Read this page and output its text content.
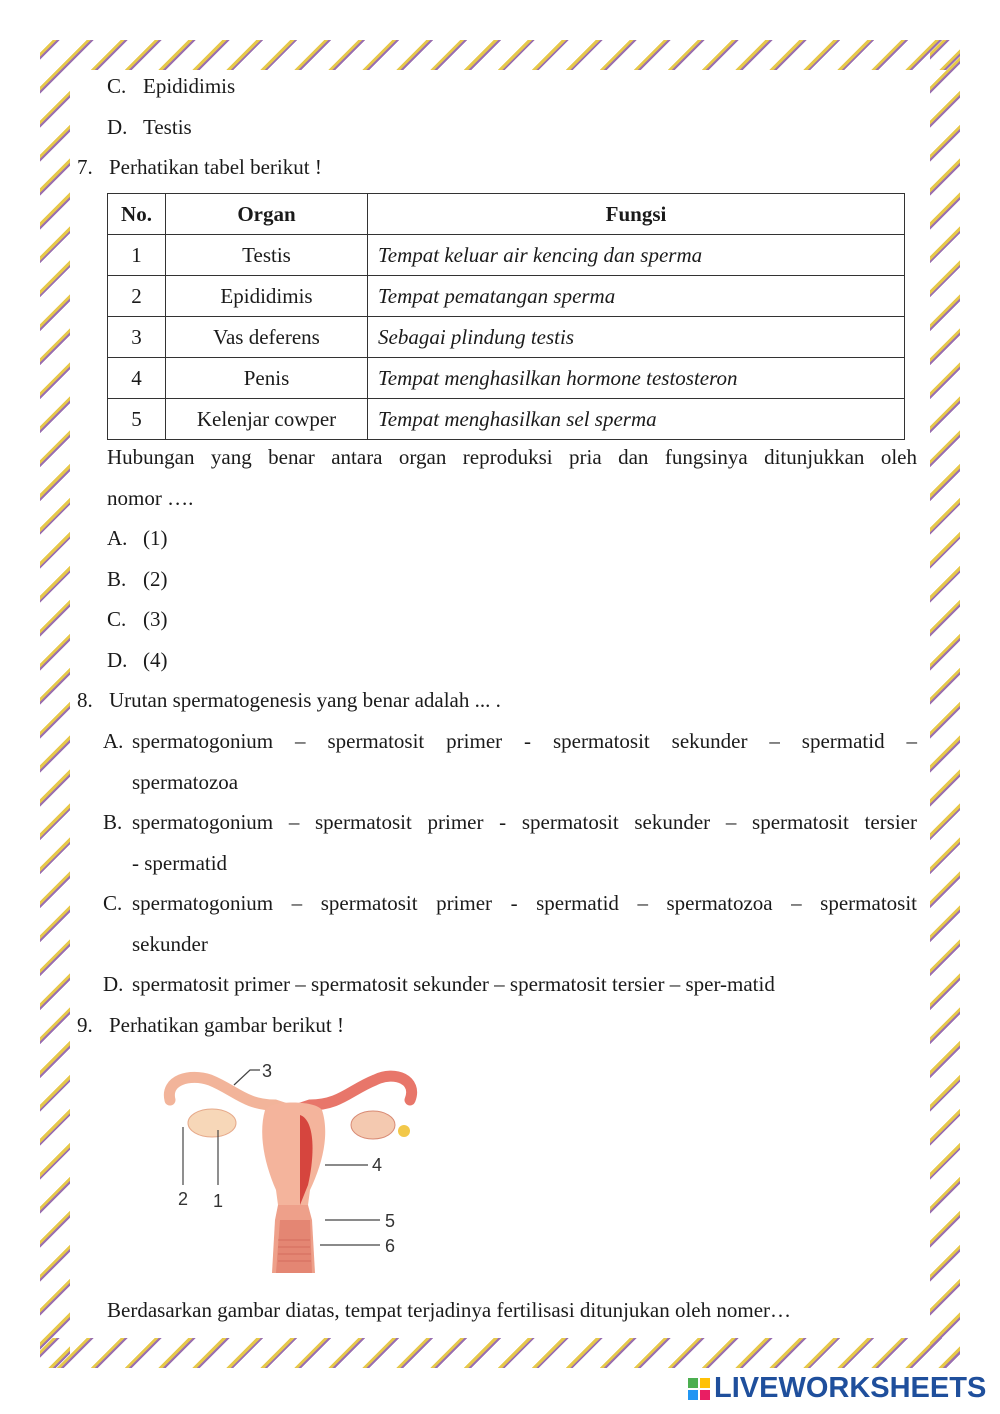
C. Epididimis
D. Testis
7. Perhatikan tabel berikut !
No.	Organ	Fungsi
1	Testis	Tempat keluar air kencing dan sperma
2	Epididimis	Tempat pematangan sperma
3	Vas deferens	Sebagai plindung testis
4	Penis	Tempat menghasilkan hormone testosteron
5	Kelenjar cowper	Tempat menghasilkan sel sperma
Hubungan yang benar antara organ reproduksi pria dan fungsinya ditunjukkan oleh
nomor ….
A. (1)
B. (2)
C. (3)
D. (4)
8. Urutan spermatogenesis yang benar adalah ... .
A. spermatogonium – spermatosit primer - spermatosit sekunder – spermatid –
spermatozoa
B. spermatogonium – spermatosit primer - spermatosit sekunder – spermatosit tersier
- spermatid
C. spermatogonium – spermatosit primer - spermatid – spermatozoa – spermatosit
sekunder
D. spermatosit primer – spermatosit sekunder – spermatosit tersier – sper-matid
9. Perhatikan gambar berikut !
1
2
3
4
5
6
Berdasarkan gambar diatas, tempat terjadinya fertilisasi ditunjukan oleh nomer…
LIVEWORKSHEETS
